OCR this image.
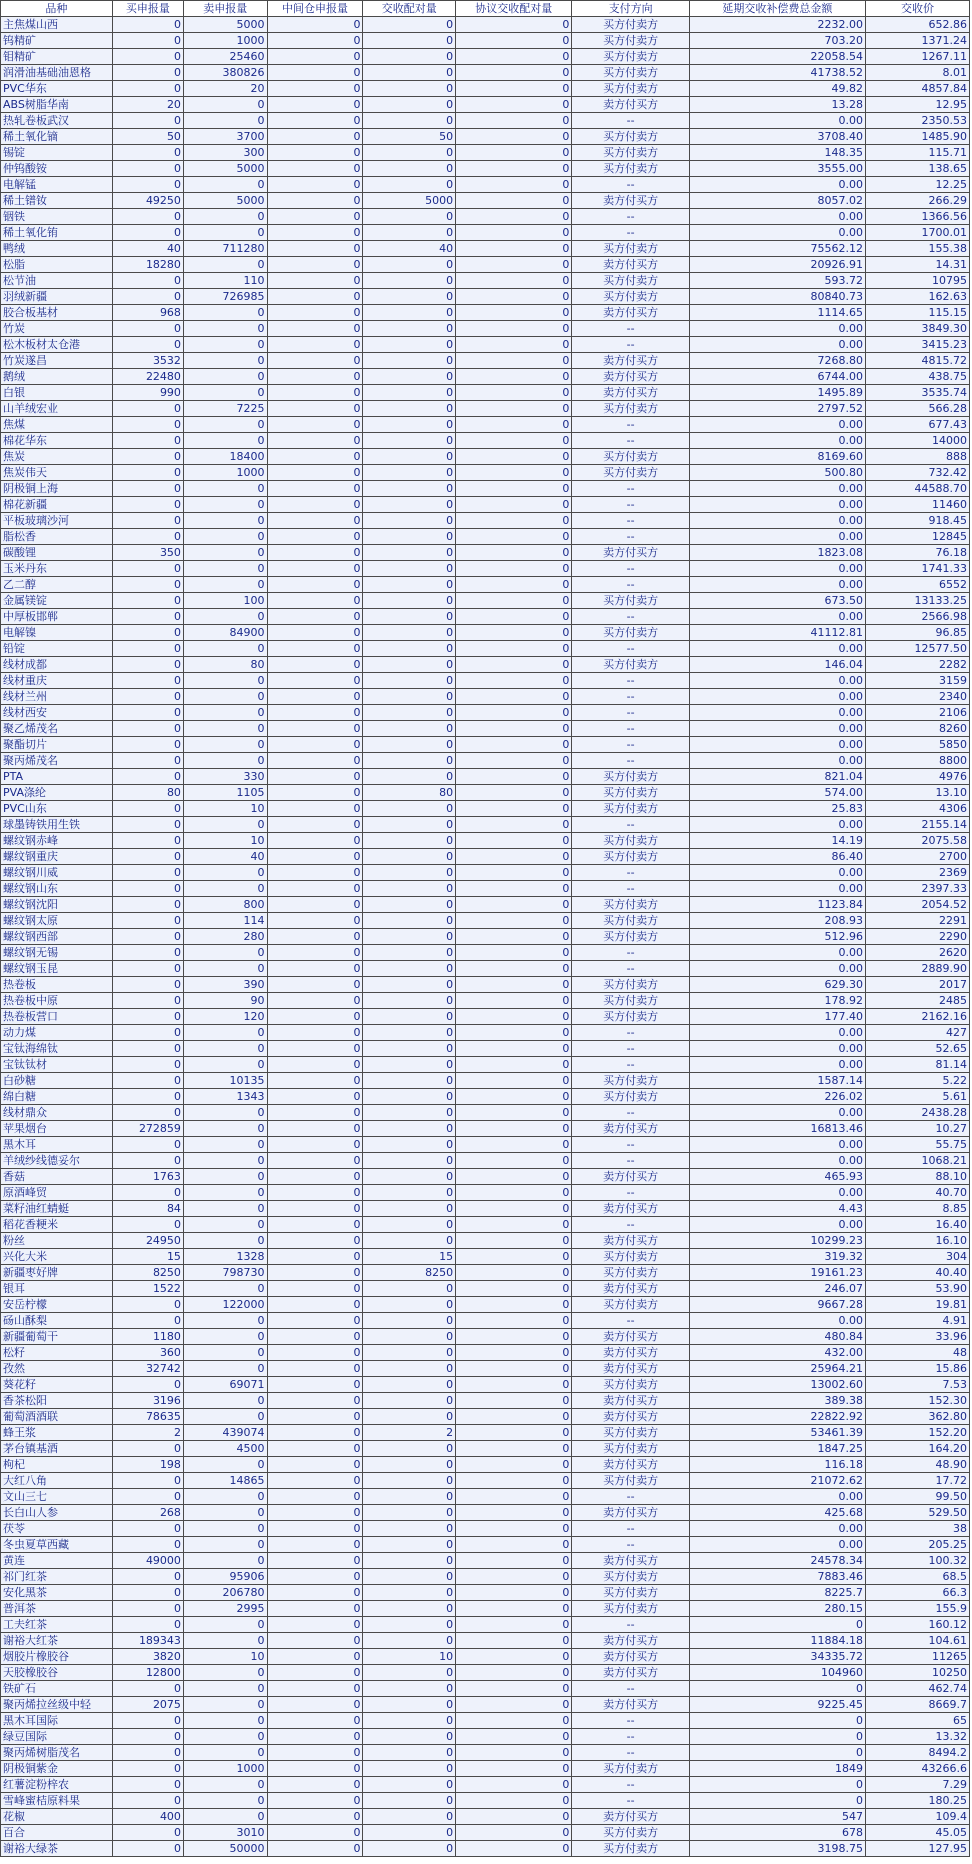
品种	买申报量	卖申报量	中间仓申报量	交收配对量	协议交收配对量	支付方向	延期交收补偿费总金额	交收价
主焦煤山西	0	5000	0	0	0	买方付卖方	2232.00	652.86
钨精矿	0	1000	0	0	0	买方付卖方	703.20	1371.24
钼精矿	0	25460	0	0	0	买方付卖方	22058.54	1267.11
润滑油基础油恩格	0	380826	0	0	0	买方付卖方	41738.52	8.01
PVC华东	0	20	0	0	0	买方付卖方	49.82	4857.84
ABS树脂华南	20	0	0	0	0	卖方付买方	13.28	12.95
热轧卷板武汉	0	0	0	0	0	--	0.00	2350.53
稀土氧化镝	50	3700	0	50	0	买方付卖方	3708.40	1485.90
锡锭	0	300	0	0	0	买方付卖方	148.35	115.71
仲钨酸铵	0	5000	0	0	0	买方付卖方	3555.00	138.65
电解锰	0	0	0	0	0	--	0.00	12.25
稀土镨钕	49250	5000	0	5000	0	卖方付买方	8057.02	266.29
铟铁	0	0	0	0	0	--	0.00	1366.56
稀土氧化铕	0	0	0	0	0	--	0.00	1700.01
鸭绒	40	711280	0	40	0	买方付卖方	75562.12	155.38
松脂	18280	0	0	0	0	卖方付买方	20926.91	14.31
松节油	0	110	0	0	0	买方付卖方	593.72	10795
羽绒新疆	0	726985	0	0	0	买方付卖方	80840.73	162.63
胶合板基材	968	0	0	0	0	卖方付买方	1114.65	115.15
竹炭	0	0	0	0	0	--	0.00	3849.30
松木板材太仓港	0	0	0	0	0	--	0.00	3415.23
竹炭遂昌	3532	0	0	0	0	卖方付买方	7268.80	4815.72
鹅绒	22480	0	0	0	0	卖方付买方	6744.00	438.75
白银	990	0	0	0	0	卖方付买方	1495.89	3535.74
山羊绒宏业	0	7225	0	0	0	买方付卖方	2797.52	566.28
焦煤	0	0	0	0	0	--	0.00	677.43
棉花华东	0	0	0	0	0	--	0.00	14000
焦炭	0	18400	0	0	0	买方付卖方	8169.60	888
焦炭伟天	0	1000	0	0	0	买方付卖方	500.80	732.42
阴极铜上海	0	0	0	0	0	--	0.00	44588.70
棉花新疆	0	0	0	0	0	--	0.00	11460
平板玻璃沙河	0	0	0	0	0	--	0.00	918.45
脂松香	0	0	0	0	0	--	0.00	12845
碳酸锂	350	0	0	0	0	卖方付买方	1823.08	76.18
玉米丹东	0	0	0	0	0	--	0.00	1741.33
乙二醇	0	0	0	0	0	--	0.00	6552
金属镁锭	0	100	0	0	0	买方付卖方	673.50	13133.25
中厚板邯郸	0	0	0	0	0	--	0.00	2566.98
电解镍	0	84900	0	0	0	买方付卖方	41112.81	96.85
铅锭	0	0	0	0	0	--	0.00	12577.50
线材成都	0	80	0	0	0	买方付卖方	146.04	2282
线材重庆	0	0	0	0	0	--	0.00	3159
线材兰州	0	0	0	0	0	--	0.00	2340
线材西安	0	0	0	0	0	--	0.00	2106
聚乙烯茂名	0	0	0	0	0	--	0.00	8260
聚酯切片	0	0	0	0	0	--	0.00	5850
聚丙烯茂名	0	0	0	0	0	--	0.00	8800
PTA	0	330	0	0	0	买方付卖方	821.04	4976
PVA涤纶	80	1105	0	80	0	买方付卖方	574.00	13.10
PVC山东	0	10	0	0	0	买方付卖方	25.83	4306
球墨铸铁用生铁	0	0	0	0	0	--	0.00	2155.14
螺纹钢赤峰	0	10	0	0	0	买方付卖方	14.19	2075.58
螺纹钢重庆	0	40	0	0	0	买方付卖方	86.40	2700
螺纹钢川威	0	0	0	0	0	--	0.00	2369
螺纹钢山东	0	0	0	0	0	--	0.00	2397.33
螺纹钢沈阳	0	800	0	0	0	买方付卖方	1123.84	2054.52
螺纹钢太原	0	114	0	0	0	买方付卖方	208.93	2291
螺纹钢西部	0	280	0	0	0	买方付卖方	512.96	2290
螺纹钢无锡	0	0	0	0	0	--	0.00	2620
螺纹钢玉昆	0	0	0	0	0	--	0.00	2889.90
热卷板	0	390	0	0	0	买方付卖方	629.30	2017
热卷板中原	0	90	0	0	0	买方付卖方	178.92	2485
热卷板营口	0	120	0	0	0	买方付卖方	177.40	2162.16
动力煤	0	0	0	0	0	--	0.00	427
宝钛海绵钛	0	0	0	0	0	--	0.00	52.65
宝钛钛材	0	0	0	0	0	--	0.00	81.14
白砂糖	0	10135	0	0	0	买方付卖方	1587.14	5.22
绵白糖	0	1343	0	0	0	买方付卖方	226.02	5.61
线材鼎众	0	0	0	0	0	--	0.00	2438.28
苹果烟台	272859	0	0	0	0	卖方付买方	16813.46	10.27
黑木耳	0	0	0	0	0	--	0.00	55.75
羊绒纱线德妥尔	0	0	0	0	0	--	0.00	1068.21
香菇	1763	0	0	0	0	卖方付买方	465.93	88.10
原酒峰贸	0	0	0	0	0	--	0.00	40.70
菜籽油红蜻蜓	84	0	0	0	0	卖方付买方	4.43	8.85
稻花香粳米	0	0	0	0	0	--	0.00	16.40
粉丝	24950	0	0	0	0	卖方付买方	10299.23	16.10
兴化大米	15	1328	0	15	0	买方付卖方	319.32	304
新疆枣好牌	8250	798730	0	8250	0	买方付卖方	19161.23	40.40
银耳	1522	0	0	0	0	卖方付买方	246.07	53.90
安岳柠檬	0	122000	0	0	0	买方付卖方	9667.28	19.81
砀山酥梨	0	0	0	0	0	--	0.00	4.91
新疆葡萄干	1180	0	0	0	0	卖方付买方	480.84	33.96
松籽	360	0	0	0	0	卖方付买方	432.00	48
孜然	32742	0	0	0	0	卖方付买方	25964.21	15.86
葵花籽	0	69071	0	0	0	买方付卖方	13002.60	7.53
香茶松阳	3196	0	0	0	0	卖方付买方	389.38	152.30
葡萄酒酒联	78635	0	0	0	0	卖方付买方	22822.92	362.80
蜂王浆	2	439074	0	2	0	买方付卖方	53461.39	152.20
茅台镇基酒	0	4500	0	0	0	买方付卖方	1847.25	164.20
枸杞	198	0	0	0	0	卖方付买方	116.18	48.90
大红八角	0	14865	0	0	0	买方付卖方	21072.62	17.72
文山三七	0	0	0	0	0	--	0.00	99.50
长白山人参	268	0	0	0	0	卖方付买方	425.68	529.50
茯苓	0	0	0	0	0	--	0.00	38
冬虫夏草西藏	0	0	0	0	0	--	0.00	205.25
黄连	49000	0	0	0	0	卖方付买方	24578.34	100.32
祁门红茶	0	95906	0	0	0	买方付卖方	7883.46	68.5
安化黑茶	0	206780	0	0	0	买方付卖方	8225.7	66.3
普洱茶	0	2995	0	0	0	买方付卖方	280.15	155.9
工夫红茶	0	0	0	0	0	--	0	160.12
谢裕大红茶	189343	0	0	0	0	卖方付买方	11884.18	104.61
烟胶片橡胶谷	3820	10	0	10	0	卖方付买方	34335.72	11265
天胶橡胶谷	12800	0	0	0	0	卖方付买方	104960	10250
铁矿石	0	0	0	0	0	--	0	462.74
聚丙烯拉丝级中轻	2075	0	0	0	0	卖方付买方	9225.45	8669.7
黑木耳国际	0	0	0	0	0	--	0	65
绿豆国际	0	0	0	0	0	--	0	13.32
聚丙烯树脂茂名	0	0	0	0	0	--	0	8494.2
阴极铜紫金	0	1000	0	0	0	买方付卖方	1849	43266.6
红薯淀粉梓农	0	0	0	0	0	--	0	7.29
雪峰蜜桔原料果	0	0	0	0	0	--	0	180.25
花椒	400	0	0	0	0	卖方付买方	547	109.4
百合	0	3010	0	0	0	买方付卖方	678	45.05
谢裕大绿茶	0	50000	0	0	0	买方付卖方	3198.75	127.95
